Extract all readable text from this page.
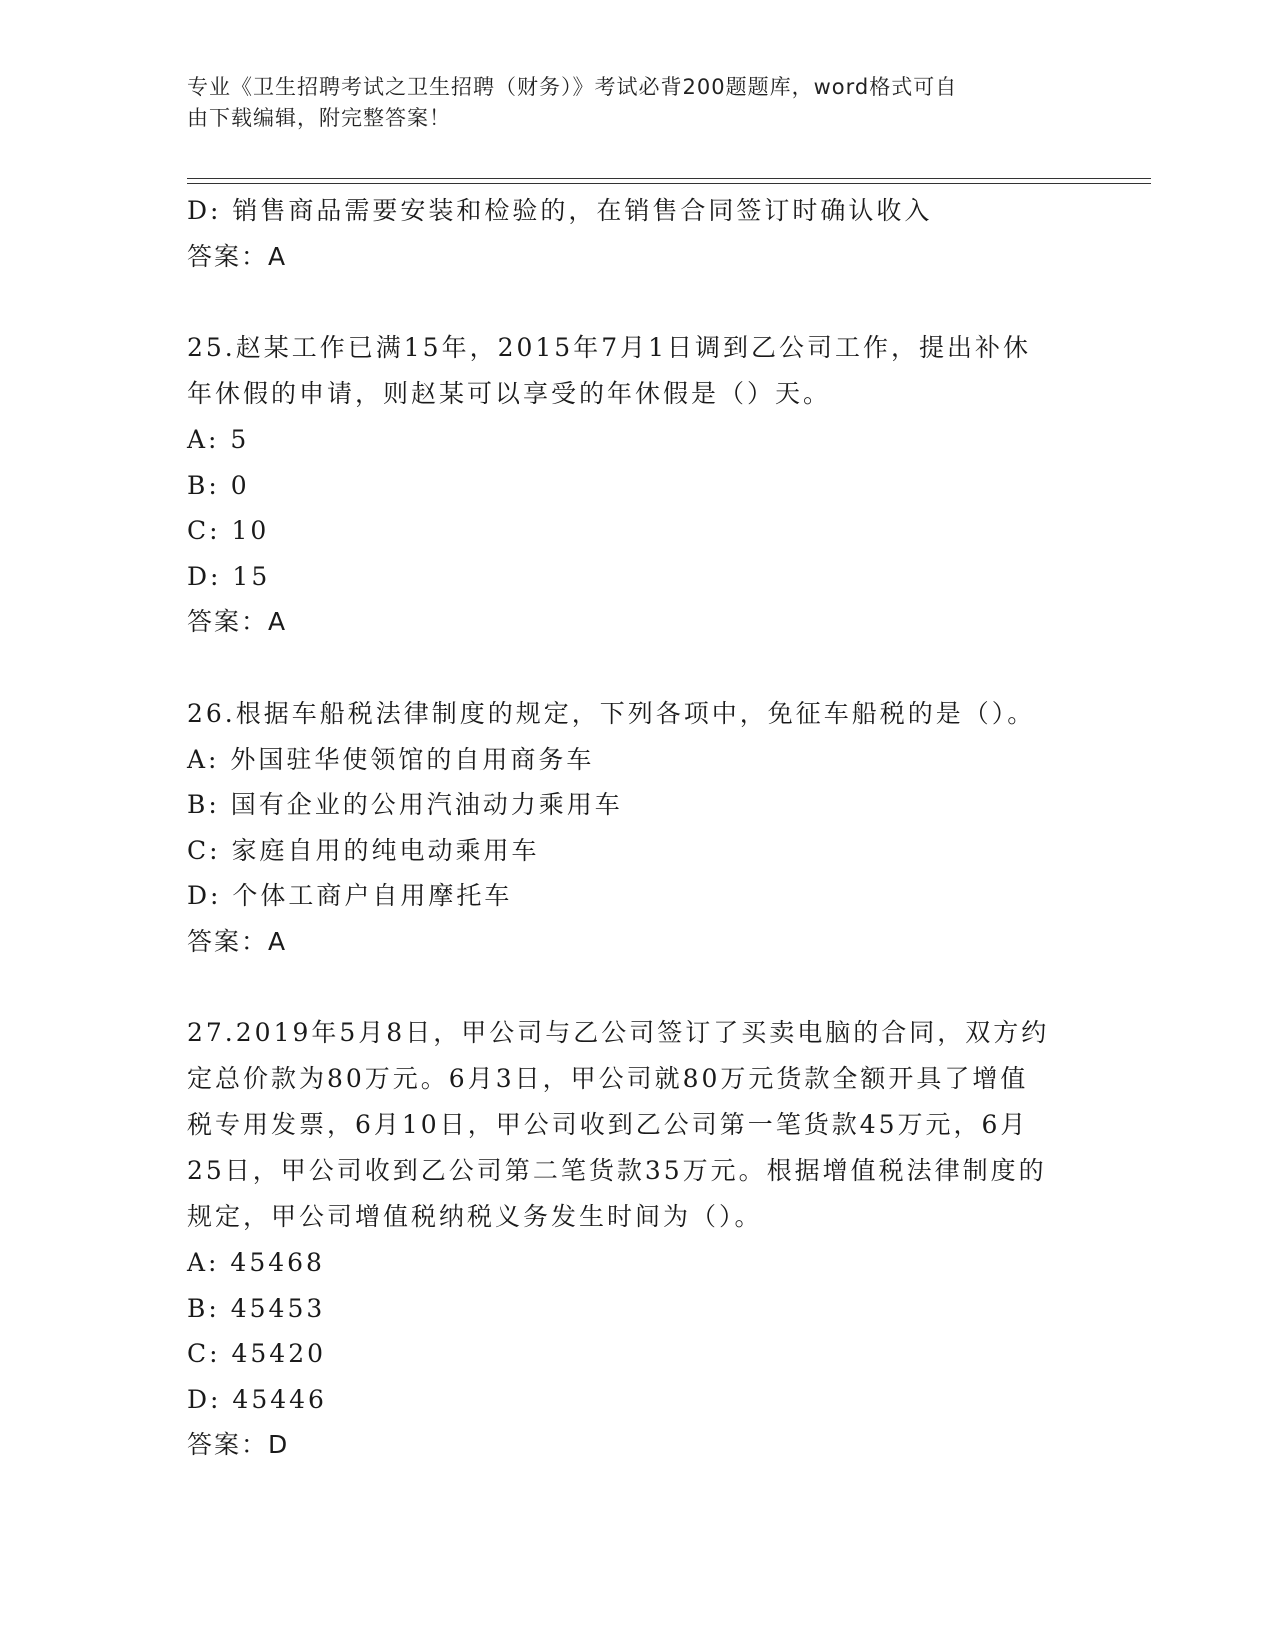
专业《卫生招聘考试之卫生招聘（财务）》考试必背200题题库，word格式可自
由下载编辑，附完整答案！
D: 销售商品需要安装和检验的，在销售合同签订时确认收入
答案：A
25.赵某工作已满15年，2015年7月1日调到乙公司工作，提出补休
年休假的申请，则赵某可以享受的年休假是（）天。
A: 5
B: 0
C: 10
D: 15
答案：A
26.根据车船税法律制度的规定，下列各项中，免征车船税的是（）。
A: 外国驻华使领馆的自用商务车
B: 国有企业的公用汽油动力乘用车
C: 家庭自用的纯电动乘用车
D: 个体工商户自用摩托车
答案：A
27.2019年5月8日，甲公司与乙公司签订了买卖电脑的合同，双方约
定总价款为80万元。6月3日，甲公司就80万元货款全额开具了增值
税专用发票，6月10日，甲公司收到乙公司第一笔货款45万元，6月
25日，甲公司收到乙公司第二笔货款35万元。根据增值税法律制度的
规定，甲公司增值税纳税义务发生时间为（）。
A: 45468
B: 45453
C: 45420
D: 45446
答案：D
